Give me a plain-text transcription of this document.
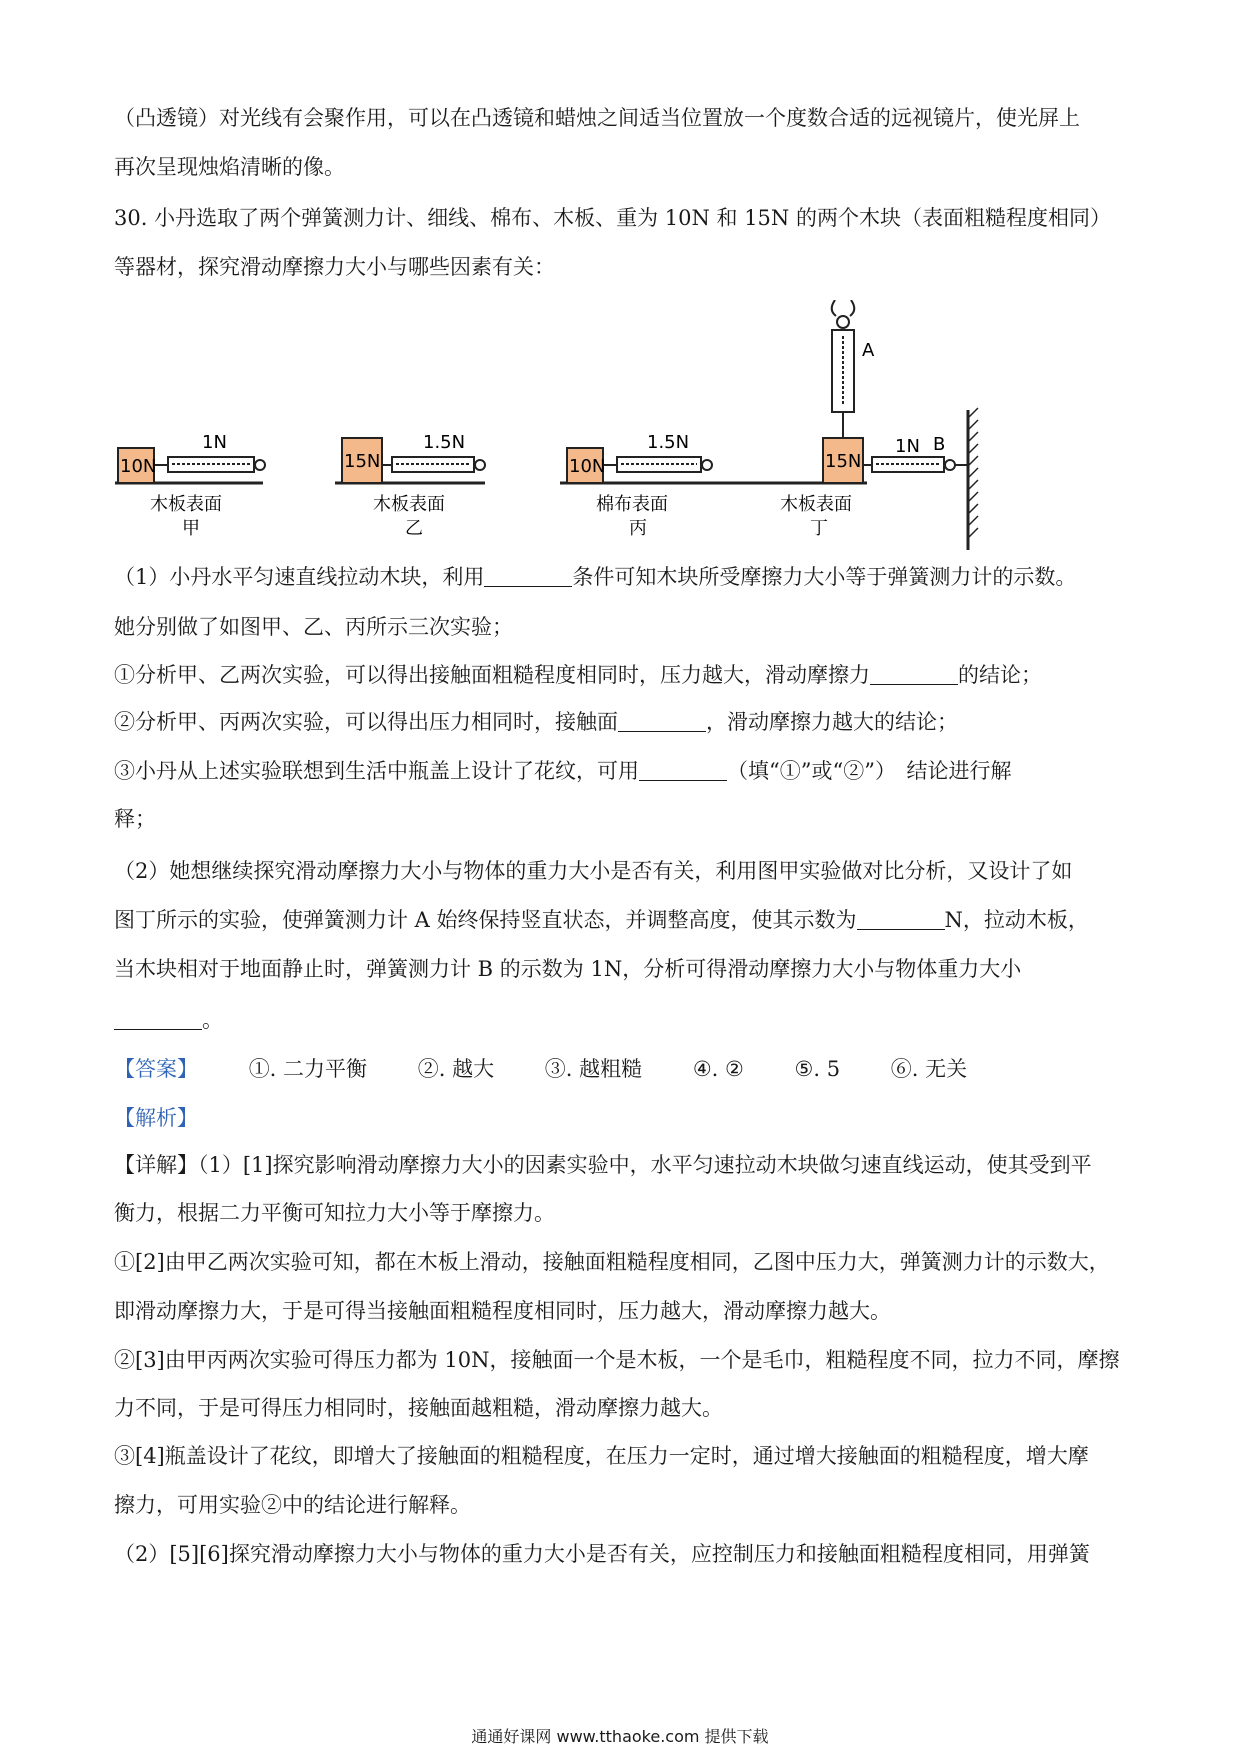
（凸透镜）对光线有会聚作用，可以在凸透镜和蜡烛之间适当位置放一个度数合适的远视镜片，使光屏上
再次呈现烛焰清晰的像。
30. 小丹选取了两个弹簧测力计、细线、棉布、木板、重为 10N 和 15N 的两个木块（表面粗糙程度相同）
等器材，探究滑动摩擦力大小与哪些因素有关：
10N
1N
木板表面
甲
15N
1.5N
木板表面
乙
10N
1.5N
棉布表面
丙
A
B
15N
1N
木板表面
丁
（1）小丹水平匀速直线拉动木块，利用	条件可知木块所受摩擦力大小等于弹簧测力计的示数。
她分别做了如图甲、乙、丙所示三次实验；
①分析甲、乙两次实验，可以得出接触面粗糙程度相同时，压力越大，滑动摩擦力	的结论；
②分析甲、丙两次实验，可以得出压力相同时，接触面	，滑动摩擦力越大的结论；
③小丹从上述实验联想到生活中瓶盖上设计了花纹，可用	（填“①”或“②”）　结论进行解
释；
（2）她想继续探究滑动摩擦力大小与物体的重力大小是否有关，利用图甲实验做对比分析，又设计了如
图丁所示的实验，使弹簧测力计 A 始终保持竖直状态，并调整高度，使其示数为	N，拉动木板，
当木块相对于地面静止时，弹簧测力计 B 的示数为 1N，分析可得滑动摩擦力大小与物体重力大小
。
【答案】 ①. 二力平衡 ②. 越大 ③. 越粗糙 ④. ② ⑤. 5 ⑥. 无关
【解析】
【详解】（1）[1]探究影响滑动摩擦力大小的因素实验中，水平匀速拉动木块做匀速直线运动，使其受到平
衡力，根据二力平衡可知拉力大小等于摩擦力。
①[2]由甲乙两次实验可知，都在木板上滑动，接触面粗糙程度相同，乙图中压力大，弹簧测力计的示数大，
即滑动摩擦力大，于是可得当接触面粗糙程度相同时，压力越大，滑动摩擦力越大。
②[3]由甲丙两次实验可得压力都为 10N，接触面一个是木板，一个是毛巾，粗糙程度不同，拉力不同，摩擦
力不同，于是可得压力相同时，接触面越粗糙，滑动摩擦力越大。
③[4]瓶盖设计了花纹，即增大了接触面的粗糙程度，在压力一定时，通过增大接触面的粗糙程度，增大摩
擦力，可用实验②中的结论进行解释。
（2）[5][6]探究滑动摩擦力大小与物体的重力大小是否有关，应控制压力和接触面粗糙程度相同，用弹簧
通通好课网 www.tthaoke.com 提供下载
